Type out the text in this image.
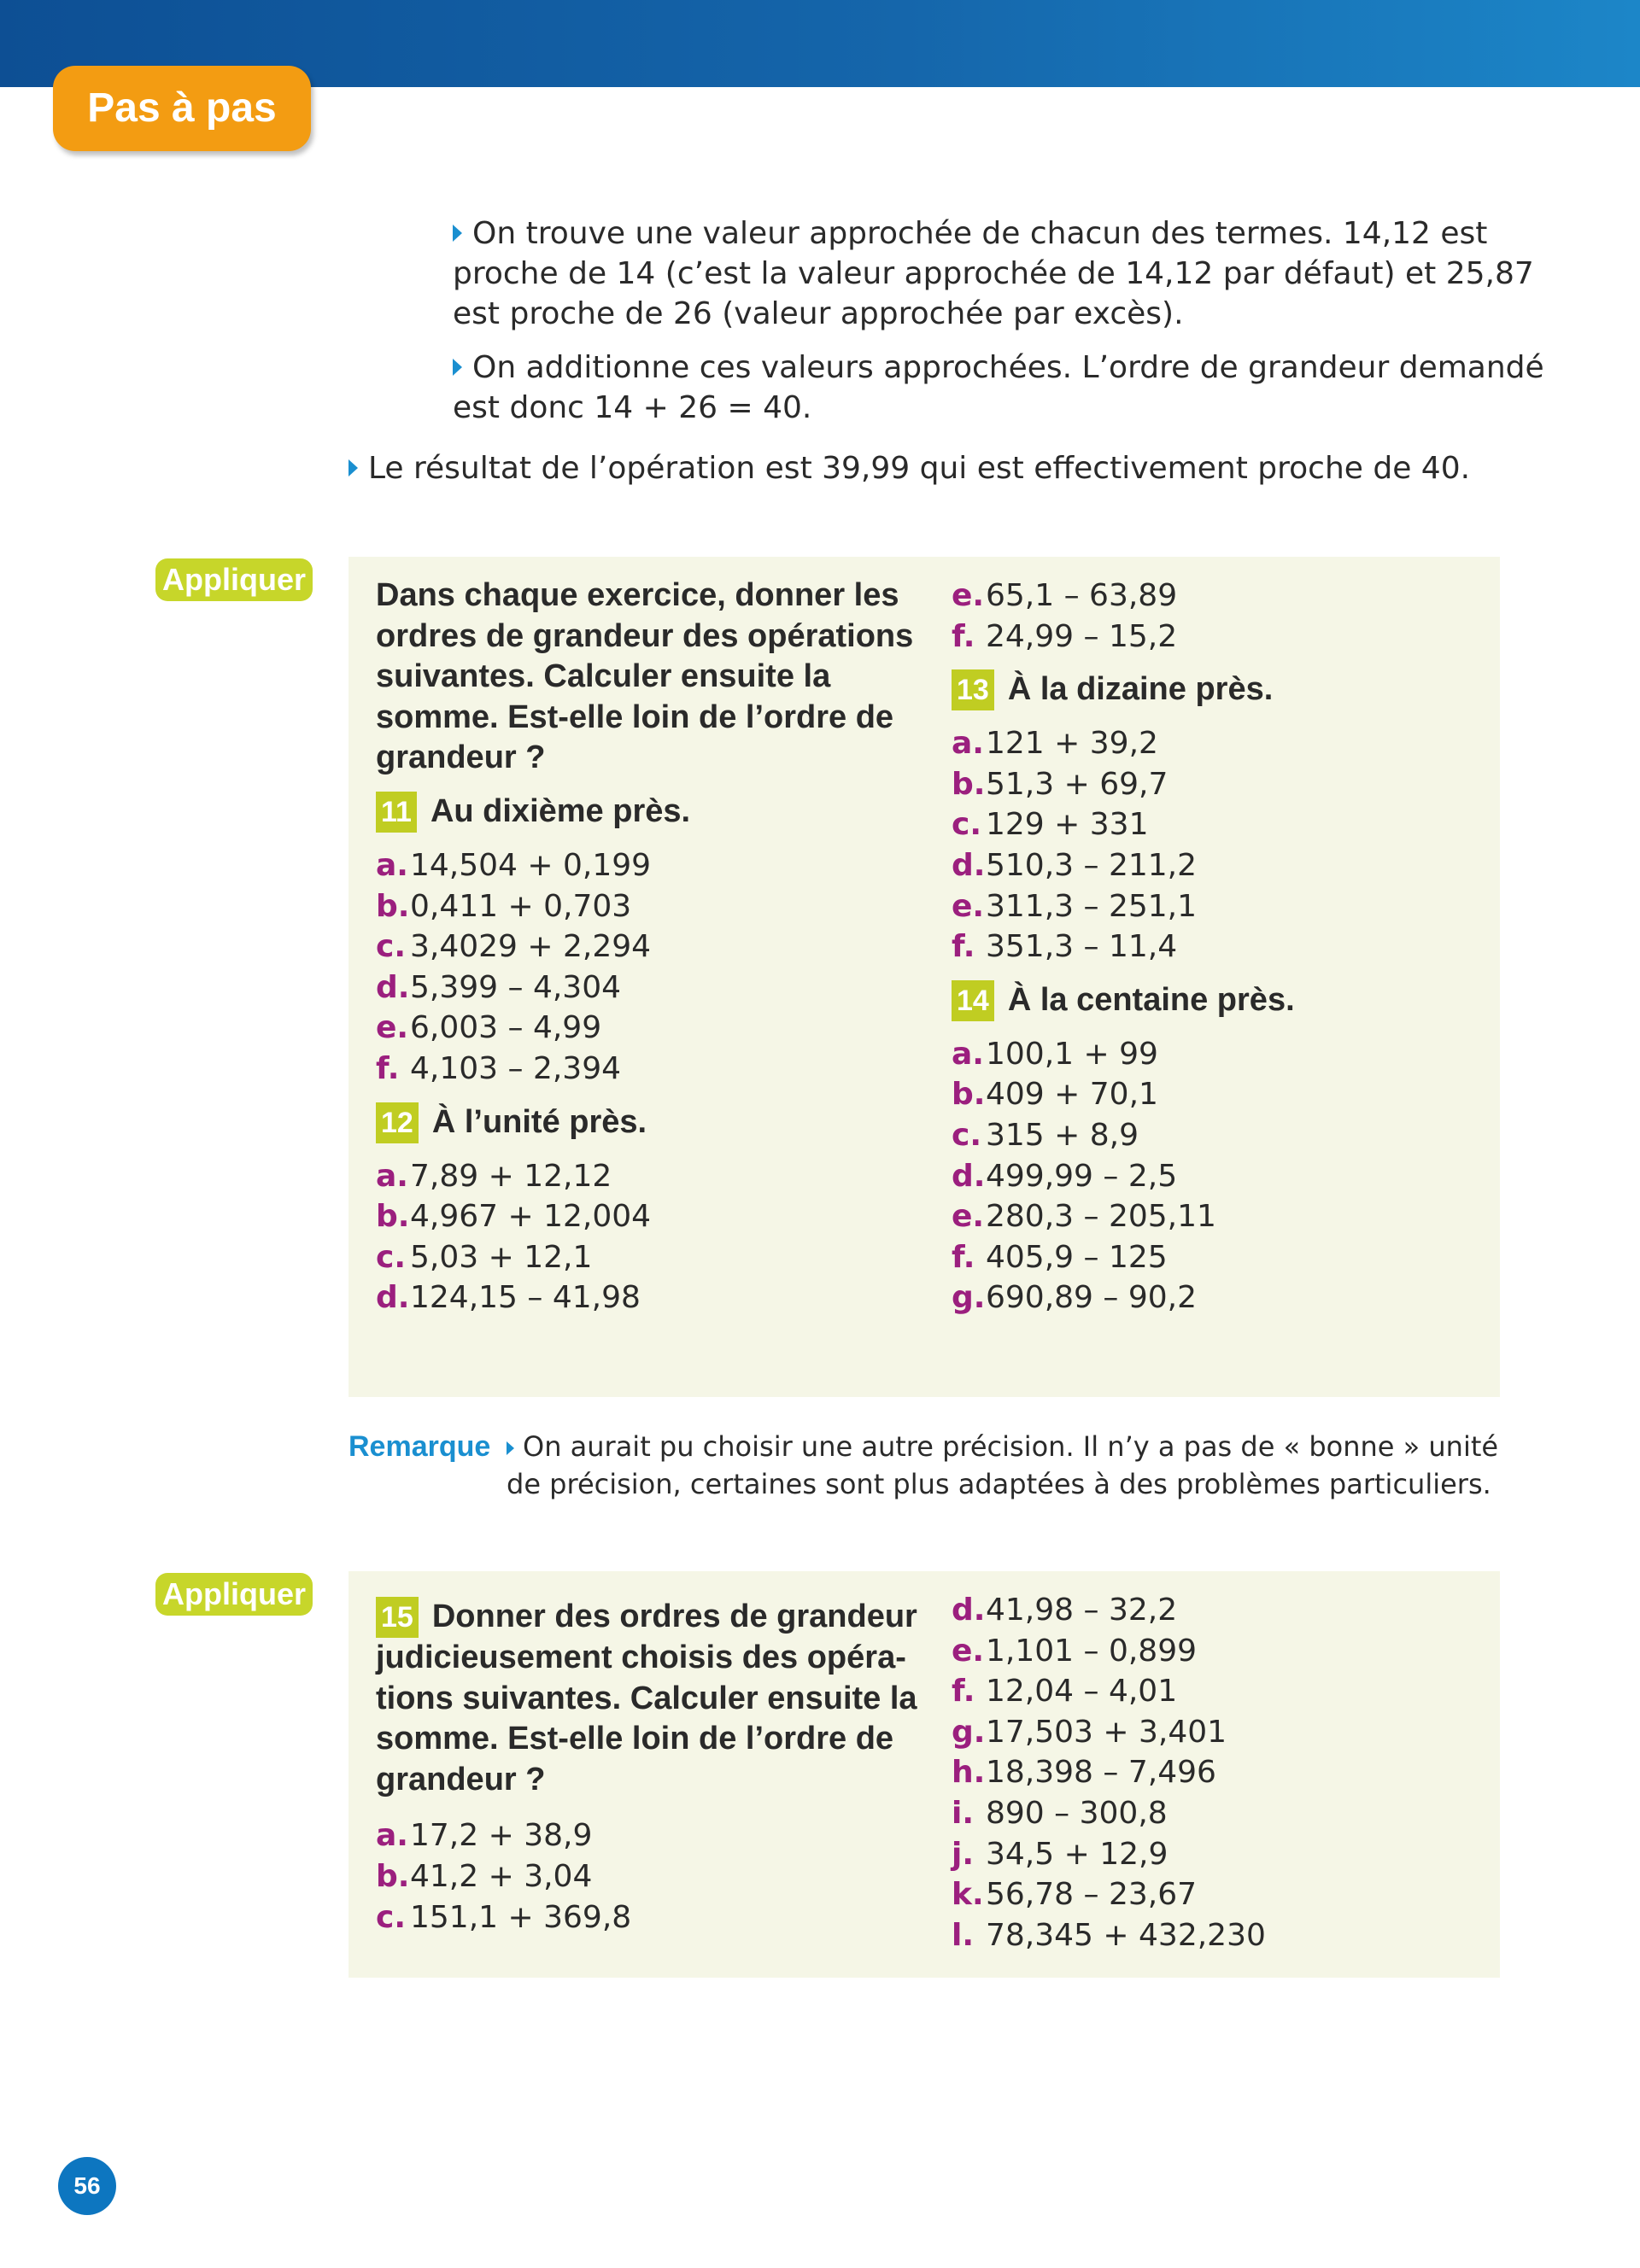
Pas à pas
On trouve une valeur approchée de chacun des termes. 14,12 est
proche de 14 (c’est la valeur approchée de 14,12 par défaut) et 25,87
est proche de 26 (valeur approchée par excès).
On additionne ces valeurs approchées. L’ordre de grandeur demandé
est donc 14 + 26 = 40.
Le résultat de l’opération est 39,99 qui est effectivement proche de 40.
Appliquer Dans chaque exercice, donner les
ordres de grandeur des opérations
suivantes. Calculer ensuite la
somme. Est-elle loin de l’ordre de
grandeur ?
11 Au dixième près.
a.14,504 + 0,199
b.0,411 + 0,703
c. 3,4029 + 2,294
d.5,399 – 4,304
e.6,003 – 4,99
f. 4,103 – 2,394
12 À l’unité près.
a.7,89 + 12,12
b.4,967 + 12,004
c. 5,03 + 12,1
d.124,15 – 41,98
e.65,1 – 63,89
f. 24,99 – 15,2
13 À la dizaine près.
a.121 + 39,2
b.51,3 + 69,7
c. 129 + 331
d.510,3 – 211,2
e.311,3 – 251,1
f. 351,3 – 11,4
14 À la centaine près.
a.100,1 + 99
b.409 + 70,1
c. 315 + 8,9
d.499,99 – 2,5
e.280,3 – 205,11
f. 405,9 – 125
g.690,89 – 90,2
Remarque	On aurait pu choisir une autre précision. Il n’y a pas de « bonne » unité
de précision, certaines sont plus adaptées à des problèmes particuliers.
Appliquer
15 Donner des ordres de grandeur
judicieusement choisis des opéra-
tions suivantes. Calculer ensuite la
somme. Est-elle loin de l’ordre de
grandeur ?
a.17,2 + 38,9
b.41,2 + 3,04
c. 151,1 + 369,8
d.41,98 – 32,2
e.1,101 – 0,899
f. 12,04 – 4,01
g.17,503 + 3,401
h.18,398 – 7,496
i. 890 – 300,8
j. 34,5 + 12,9
k.56,78 – 23,67
l. 78,345 + 432,230
56
